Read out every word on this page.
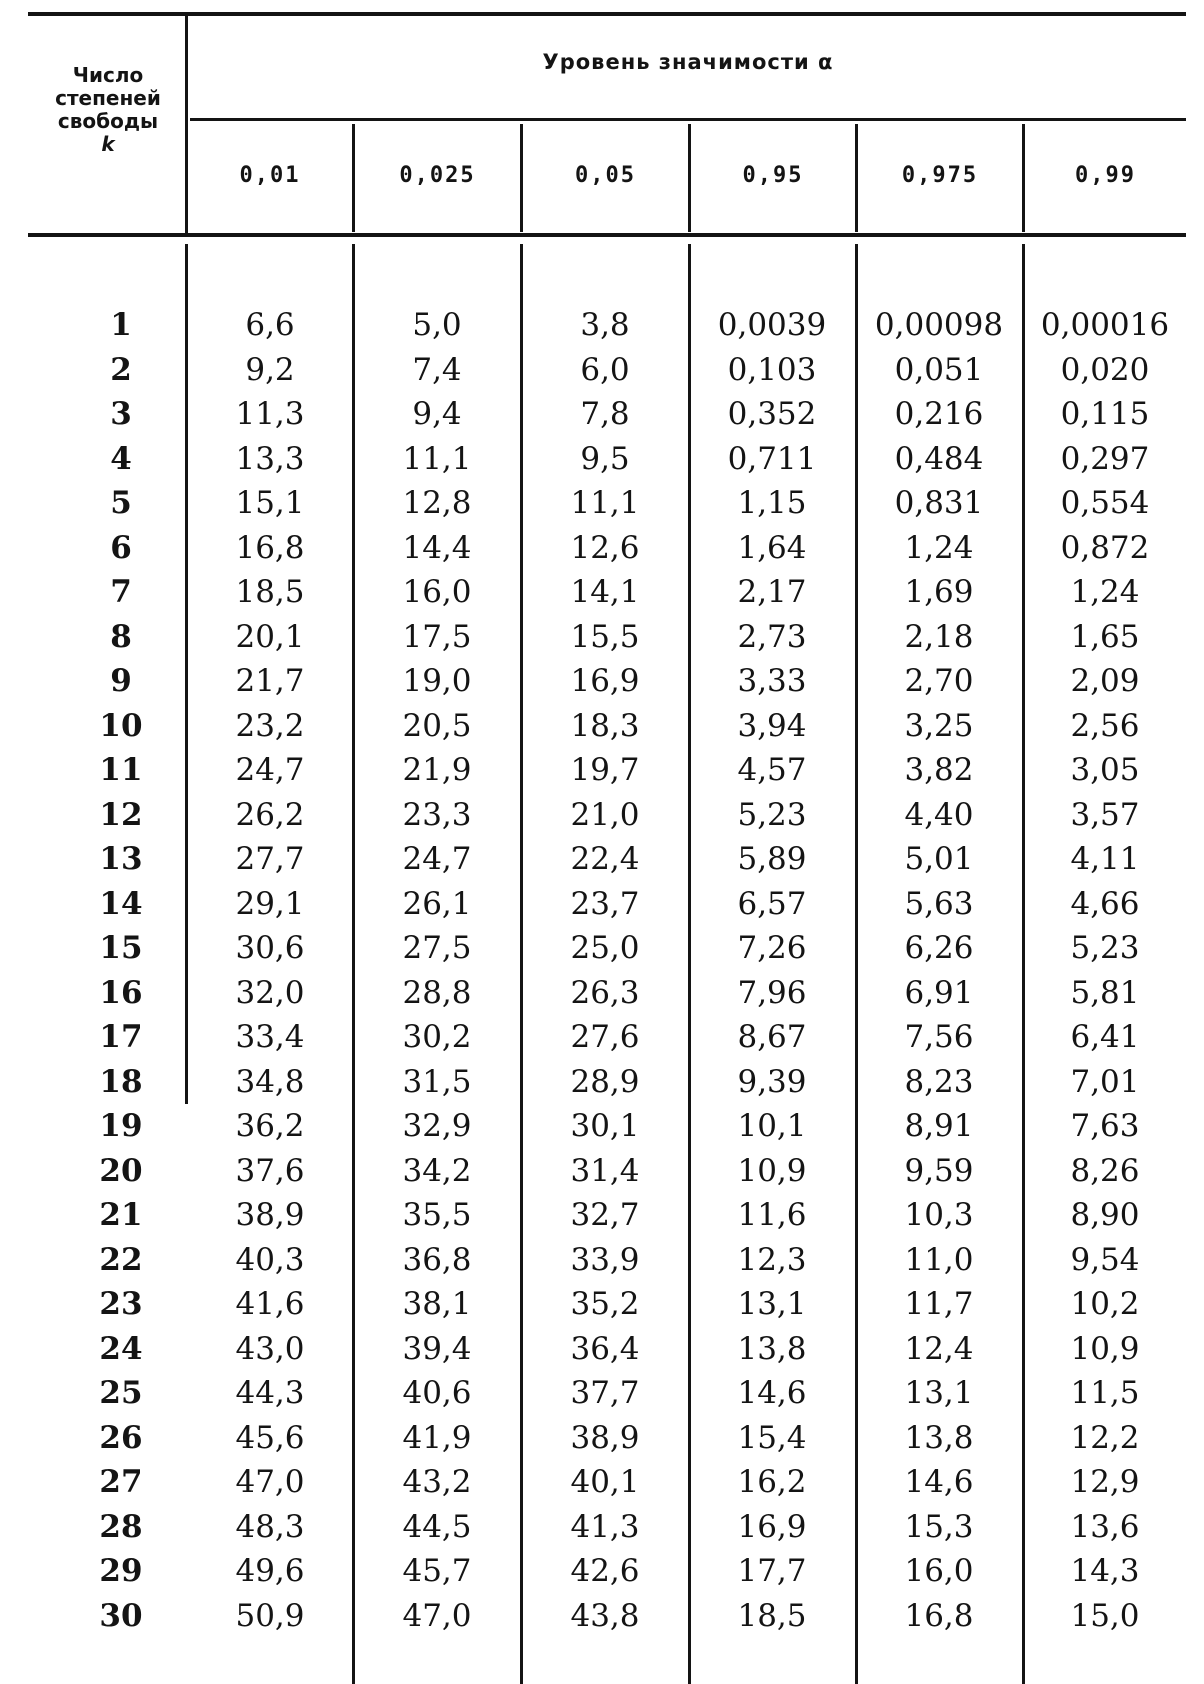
Число
степеней
свободы
k
Уровень значимости α
0,01	0,025	0,05	0,95	0,975	0,99
1	6,6	5,0	3,8	0,0039 0,00098 0,00016
2	9,2	7,4	6,0	0,103	0,051 0,020
3	11,3	9,4	7,8	0,352	0,216 0,115
4	13,3	11,1	9,5	0,711	0,484 0,297
5	15,1	12,8	11,1	1,15	0,831 0,554
6	16,8	14,4	12,6	1,64	1,24	0,872
7	18,5	16,0	14,1	2,17	1,69	1,24
8	20,1	17,5	15,5	2,73	2,18	1,65
9	21,7	19,0	16,9	3,33	2,70	2,09
10	23,2	20,5	18,3	3,94	3,25	2,56
11	24,7	21,9	19,7	4,57	3,82	3,05
12	26,2	23,3	21,0	5,23	4,40	3,57
13	27,7	24,7	22,4	5,89	5,01	4,11
14	29,1	26,1	23,7	6,57	5,63	4,66
15	30,6	27,5	25,0	7,26	6,26	5,23
16	32,0	28,8	26,3	7,96	6,91	5,81
17	33,4	30,2	27,6	8,67	7,56	6,41
18	34,8	31,5	28,9	9,39	8,23	7,01
19	36,2	32,9	30,1	10,1	8,91	7,63
20	37,6	34,2	31,4	10,9	9,59	8,26
21	38,9	35,5	32,7	11,6	10,3	8,90
22	40,3	36,8	33,9	12,3	11,0	9,54
23	41,6	38,1	35,2	13,1	11,7	10,2
24	43,0	39,4	36,4	13,8	12,4	10,9
25	44,3	40,6	37,7	14,6	13,1	11,5
26	45,6	41,9	38,9	15,4	13,8	12,2
27	47,0	43,2	40,1	16,2	14,6	12,9
28	48,3	44,5	41,3	16,9	15,3	13,6
29	49,6	45,7	42,6	17,7	16,0	14,3
30	50,9	47,0	43,8	18,5	16,8	15,0
